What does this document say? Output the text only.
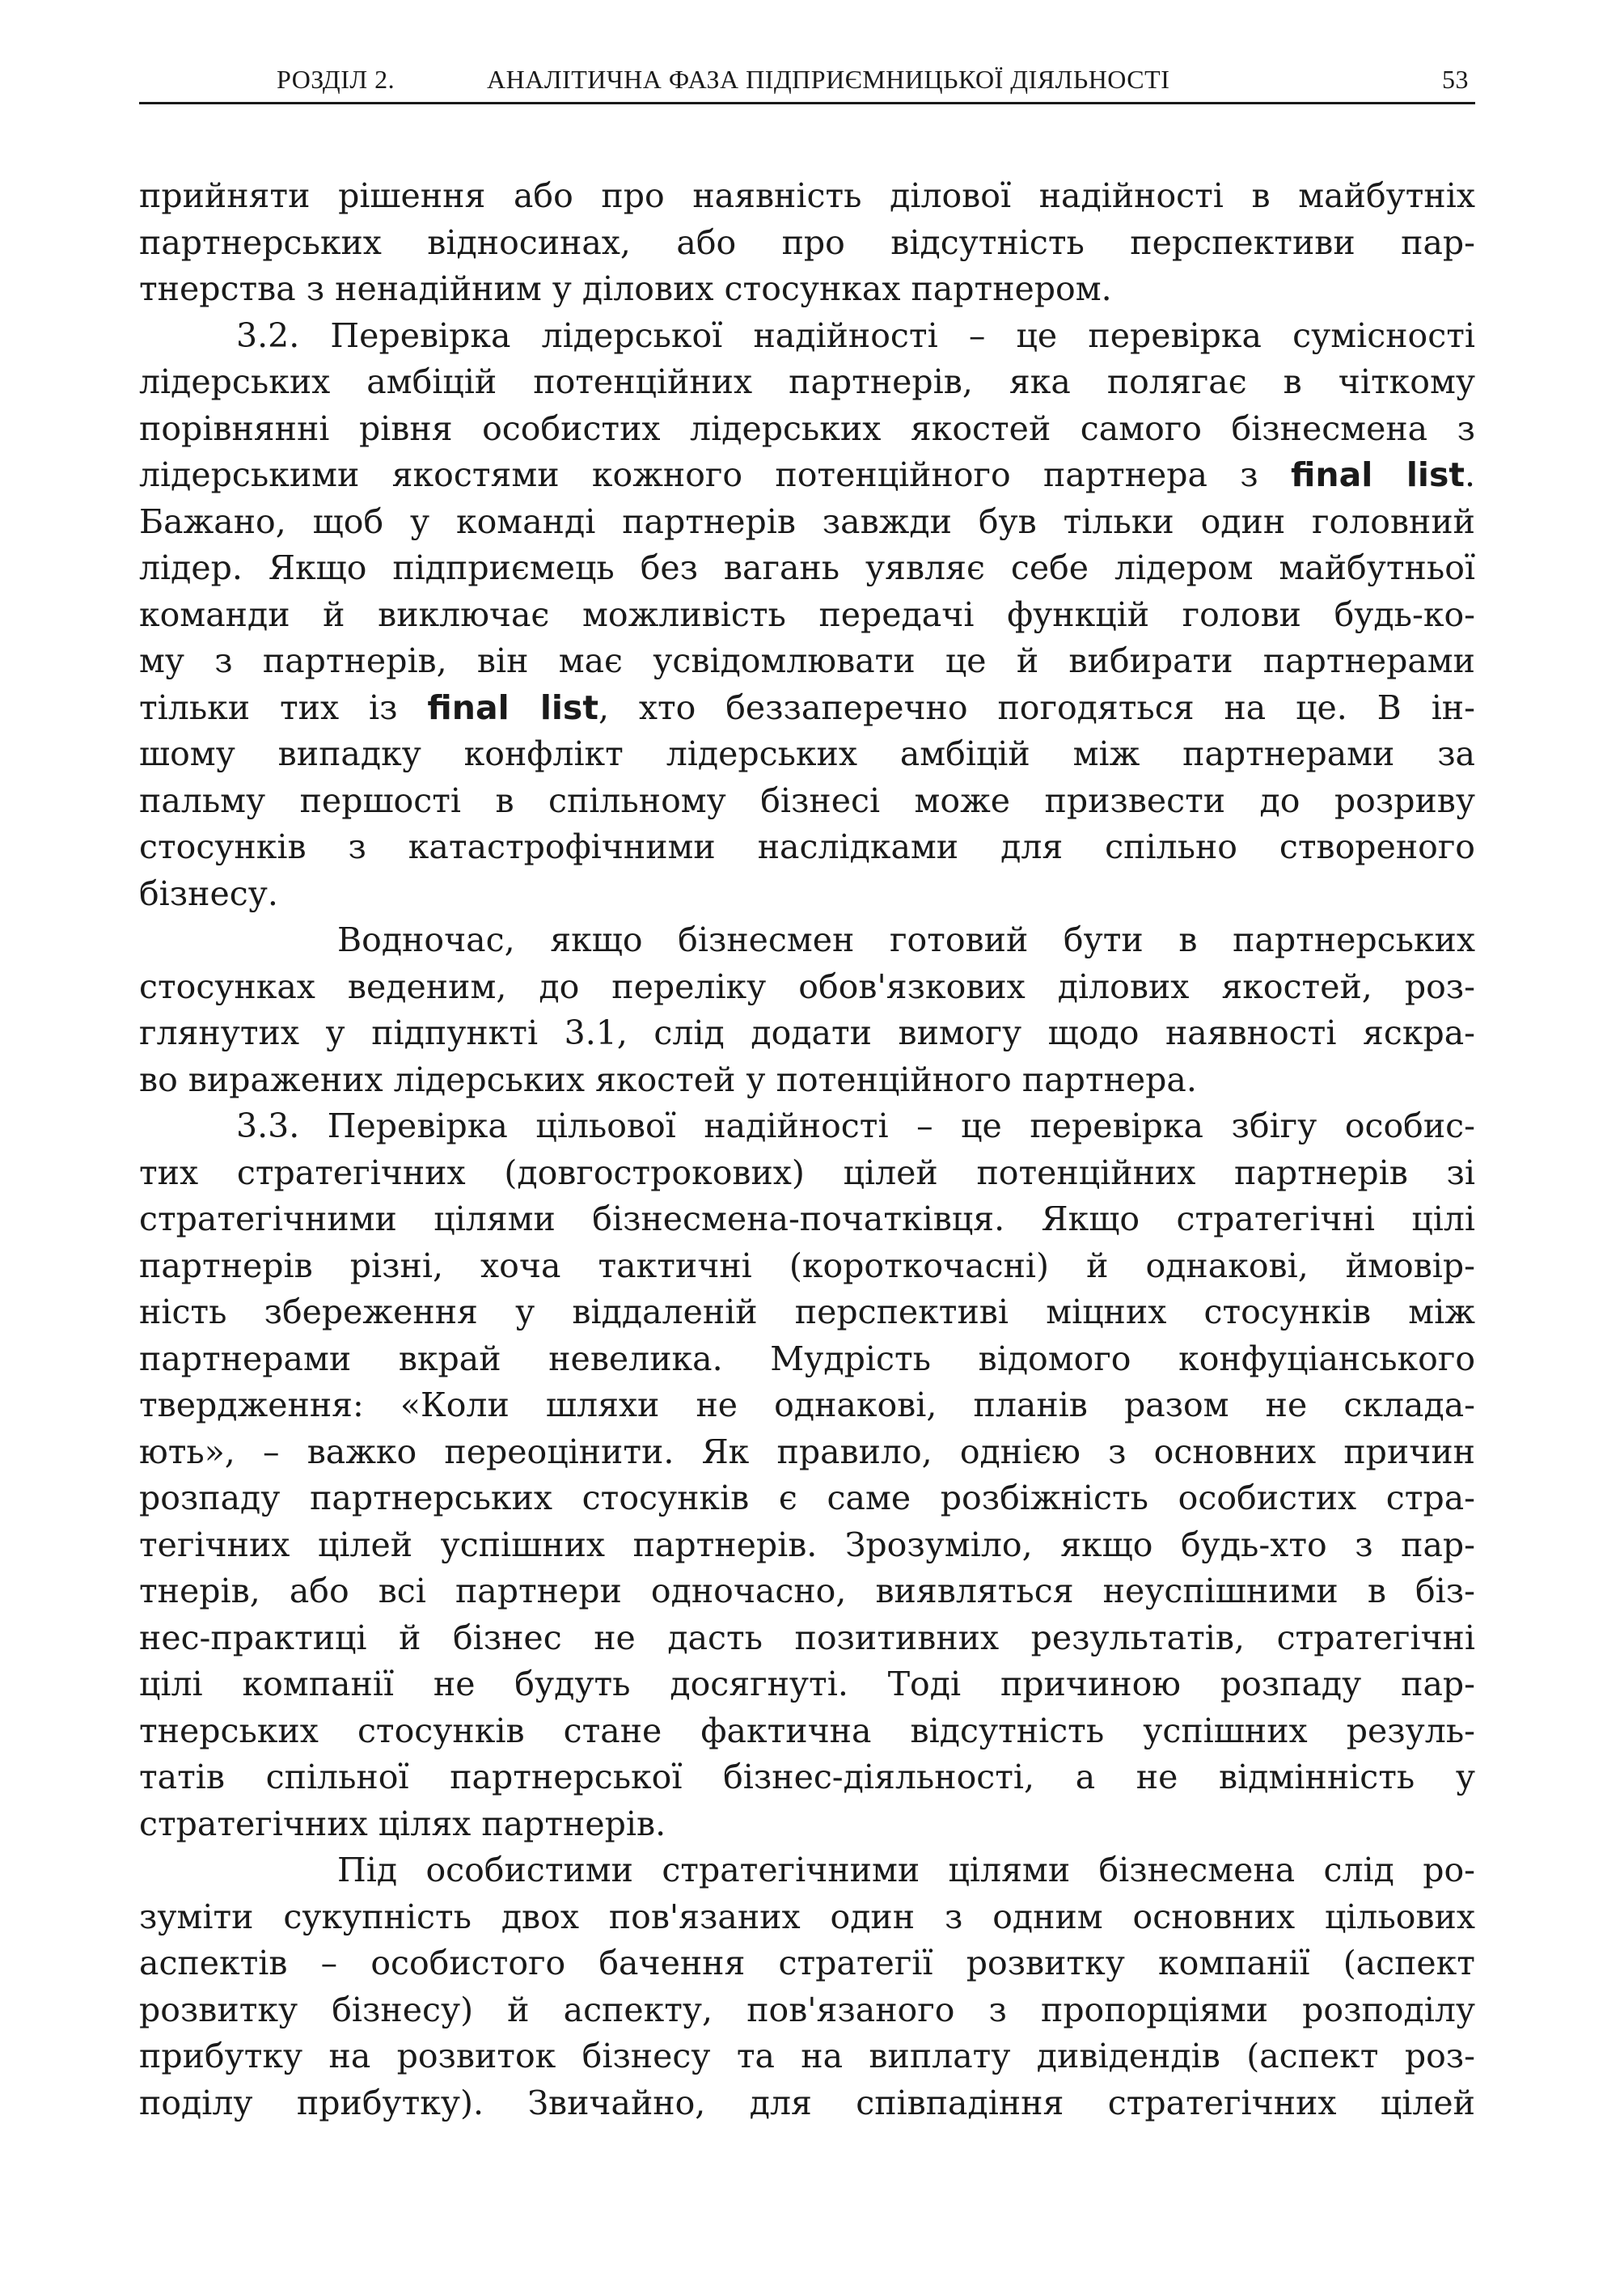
РОЗДІЛ 2.	АНАЛІТИЧНА ФАЗА ПІДПРИЄМНИЦЬКОЇ ДІЯЛЬНОСТІ	53

прийняти рішення або про наявність ділової надійності в майбутніх

партнерських відносинах, або про відсутність перспективи пар-

тнерства з ненадійним у ділових стосунках партнером.

3.2. Перевірка лідерської надійності – це перевірка сумісності

лідерських амбіцій потенційних партнерів, яка полягає в чіткому

порівнянні рівня особистих лідерських якостей самого бізнесмена з

лідерськими якостями кожного потенційного партнера з final list.

Бажано, щоб у команді партнерів завжди був тільки один головний

лідер. Якщо підприємець без вагань уявляє себе лідером майбутньої

команди й виключає можливість передачі функцій голови будь-ко-

му з партнерів, він має усвідомлювати це й вибирати партнерами

тільки тих із final list, хто беззаперечно погодяться на це. В ін-

шому випадку конфлікт лідерських амбіцій між партнерами за

пальму першості в спільному бізнесі може призвести до розриву

стосунків з катастрофічними наслідками для спільно створеного

бізнесу.

Водночас, якщо бізнесмен готовий бути в партнерських

стосунках веденим, до переліку обов'язкових ділових якостей, роз-

глянутих у підпункті 3.1, слід додати вимогу щодо наявності яскра-

во виражених лідерських якостей у потенційного партнера.

3.3. Перевірка цільової надійності – це перевірка збігу особис-

тих стратегічних (довгострокових) цілей потенційних партнерів зі

стратегічними цілями бізнесмена-початківця. Якщо стратегічні цілі

партнерів різні, хоча тактичні (короткочасні) й однакові, ймовір-

ність збереження у віддаленій перспективі міцних стосунків між

партнерами вкрай невелика. Мудрість відомого конфуціанського

твердження: «Коли шляхи не однакові, планів разом не склада-

ють», – важко переоцінити. Як правило, однією з основних причин

розпаду партнерських стосунків є саме розбіжність особистих стра-

тегічних цілей успішних партнерів. Зрозуміло, якщо будь-хто з пар-

тнерів, або всі партнери одночасно, виявляться неуспішними в біз-

нес-практиці й бізнес не дасть позитивних результатів, стратегічні

цілі компанії не будуть досягнуті. Тоді причиною розпаду пар-

тнерських стосунків стане фактична відсутність успішних резуль-

татів спільної партнерської бізнес-діяльності, а не відмінність у

стратегічних цілях партнерів.

Під особистими стратегічними цілями бізнесмена слід ро-

зуміти сукупність двох пов'язаних один з одним основних цільових

аспектів – особистого бачення стратегії розвитку компанії (аспект

розвитку бізнесу) й аспекту, пов'язаного з пропорціями розподілу

прибутку на розвиток бізнесу та на виплату дивідендів (аспект роз-

поділу прибутку). Звичайно, для співпадіння стратегічних цілей
